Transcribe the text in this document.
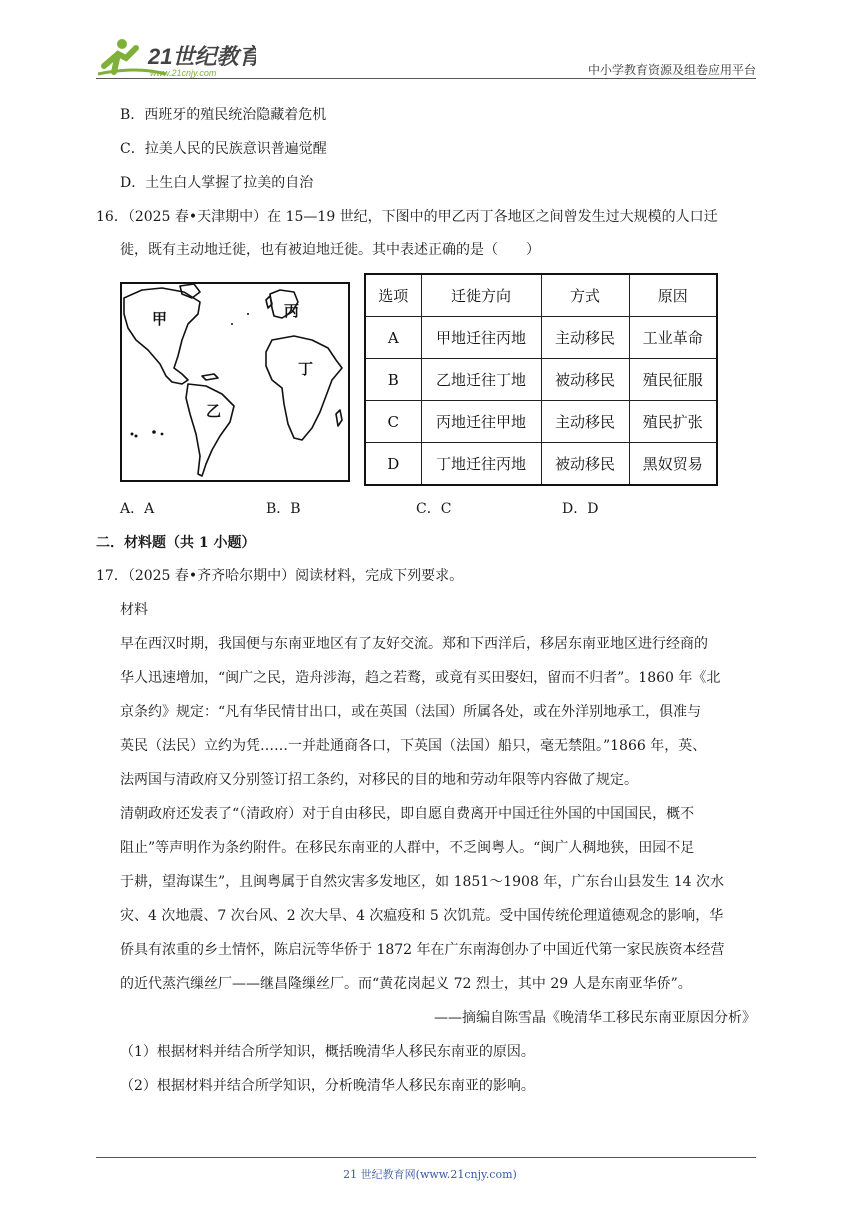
21世纪教育
www.21cnjy.com	中小学教育资源及组卷应用平台
B．西班牙的殖民统治隐藏着危机
C．拉美人民的民族意识普遍觉醒
D．土生白人掌握了拉美的自治
16．（2025 春•天津期中）在 15—19 世纪，下图中的甲乙丙丁各地区之间曾发生过大规模的人口迁
徙，既有主动地迁徙，也有被迫地迁徙。其中表述正确的是（　　）
甲
乙
丙
丁
选项	迁徙方向	方式	原因
A	甲地迁往丙地	主动移民	工业革命
B	乙地迁往丁地	被动移民	殖民征服
C	丙地迁往甲地	主动移民	殖民扩张
D	丁地迁往丙地	被动移民	黑奴贸易
A．A	B．B	C．C	D．D
二．材料题（共 1 小题）
17．（2025 春•齐齐哈尔期中）阅读材料，完成下列要求。
材料
早在西汉时期，我国便与东南亚地区有了友好交流。郑和下西洋后，移居东南亚地区进行经商的
华人迅速增加，“闽广之民，造舟涉海，趋之若鹜，或竟有买田娶妇，留而不归者”。1860 年《北
京条约》规定：“凡有华民情甘出口，或在英国（法国）所属各处，或在外洋别地承工，俱准与
英民（法民）立约为凭……一并赴通商各口，下英国（法国）船只，毫无禁阻。”1866 年，英、
法两国与清政府又分别签订招工条约，对移民的目的地和劳动年限等内容做了规定。
清朝政府还发表了“（清政府）对于自由移民，即自愿自费离开中国迁往外国的中国国民，概不
阻止”等声明作为条约附件。在移民东南亚的人群中，不乏闽粤人。“闽广人稠地狭，田园不足
于耕，望海谋生”，且闽粤属于自然灾害多发地区，如 1851～1908 年，广东台山县发生 14 次水
灾、4 次地震、7 次台风、2 次大旱、4 次瘟疫和 5 次饥荒。受中国传统伦理道德观念的影响，华
侨具有浓重的乡土情怀，陈启沅等华侨于 1872 年在广东南海创办了中国近代第一家民族资本经营
的近代蒸汽缫丝厂——继昌隆缫丝厂。而“黄花岗起义 72 烈士，其中 29 人是东南亚华侨”。
——摘编自陈雪晶《晚清华工移民东南亚原因分析》
（1）根据材料并结合所学知识，概括晚清华人移民东南亚的原因。
（2）根据材料并结合所学知识，分析晚清华人移民东南亚的影响。
21 世纪教育网(www.21cnjy.com)
